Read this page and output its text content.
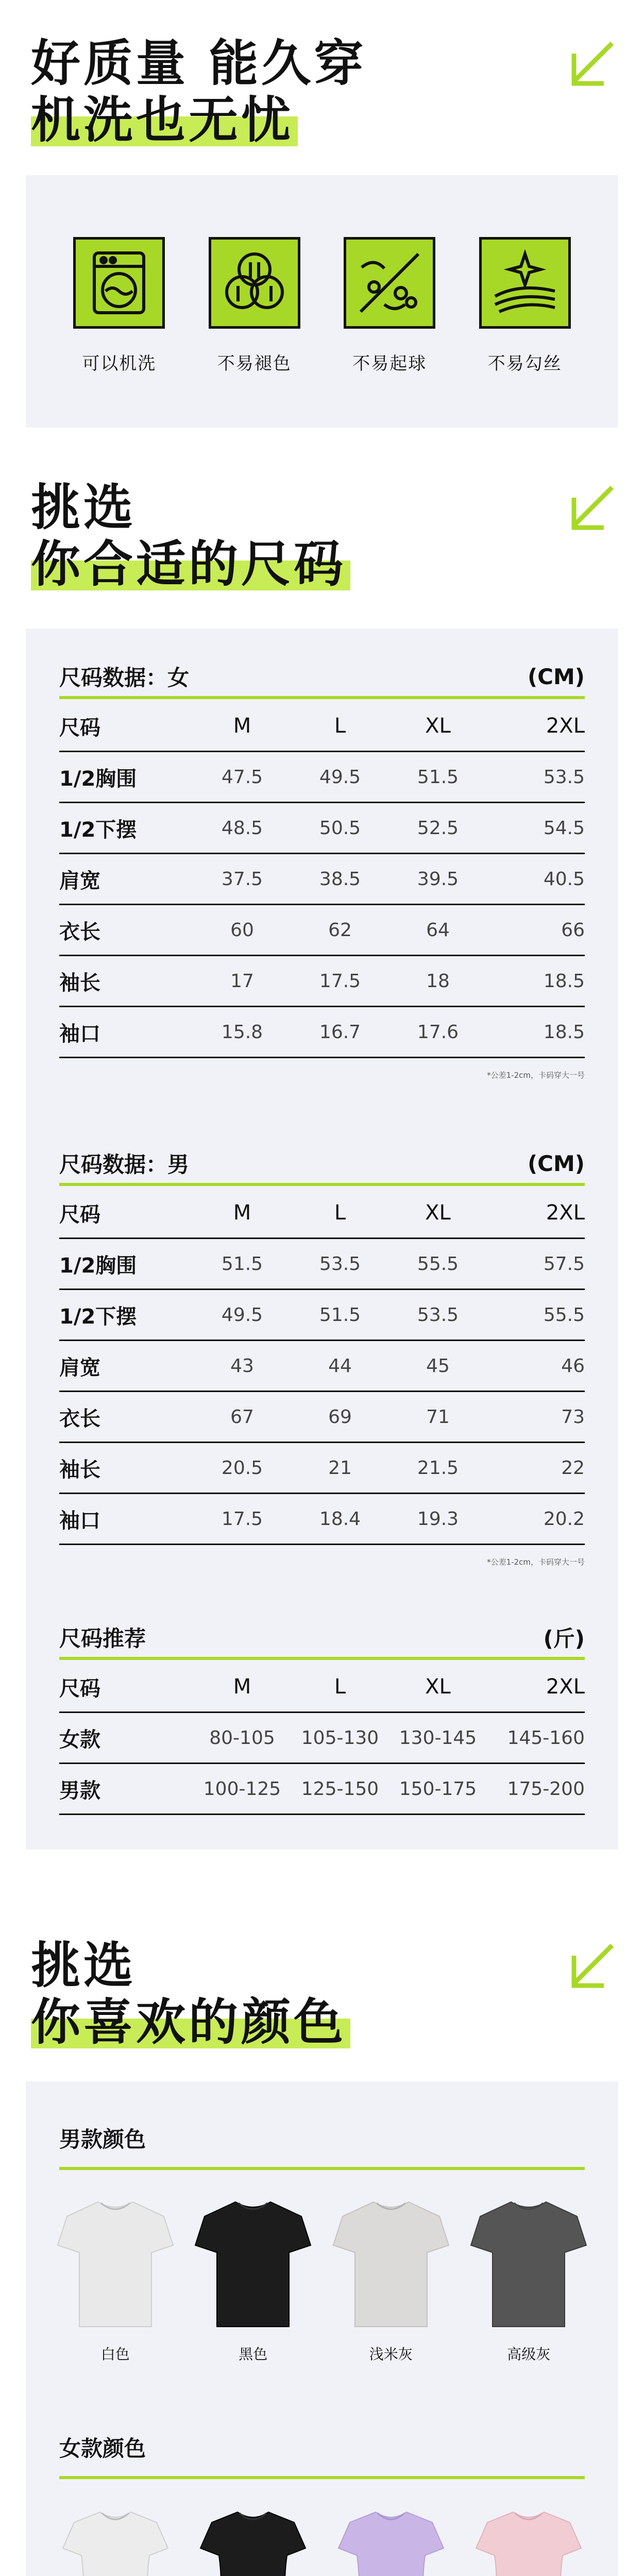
好质量 能久穿
机洗也无忧
可以机洗	不易褪色	不易起球	不易勾丝
挑选
你合适的尺码
尺码数据：女	(CM)
尺码	M	L	XL	2XL
1/2胸围	47.5	49.5	51.5	53.5
1/2下摆	48.5	50.5	52.5	54.5
肩宽	37.5	38.5	39.5	40.5
衣长	60	62	64	66
袖长	17	17.5	18	18.5
袖口	15.8	16.7	17.6	18.5
*公差1-2cm，卡码穿大一号
尺码数据：男	(CM)
尺码	M	L	XL	2XL
1/2胸围	51.5	53.5	55.5	57.5
1/2下摆	49.5	51.5	53.5	55.5
肩宽	43	44	45	46
衣长	67	69	71	73
袖长	20.5	21	21.5	22
袖口	17.5	18.4	19.3	20.2
*公差1-2cm，卡码穿大一号
尺码推荐	(斤)
尺码	M	L	XL	2XL
女款	80-105	105-130	130-145	145-160
男款	100-125	125-150	150-175	175-200
挑选
你喜欢的颜色
男款颜色
白色	黑色	浅米灰	高级灰
女款颜色
